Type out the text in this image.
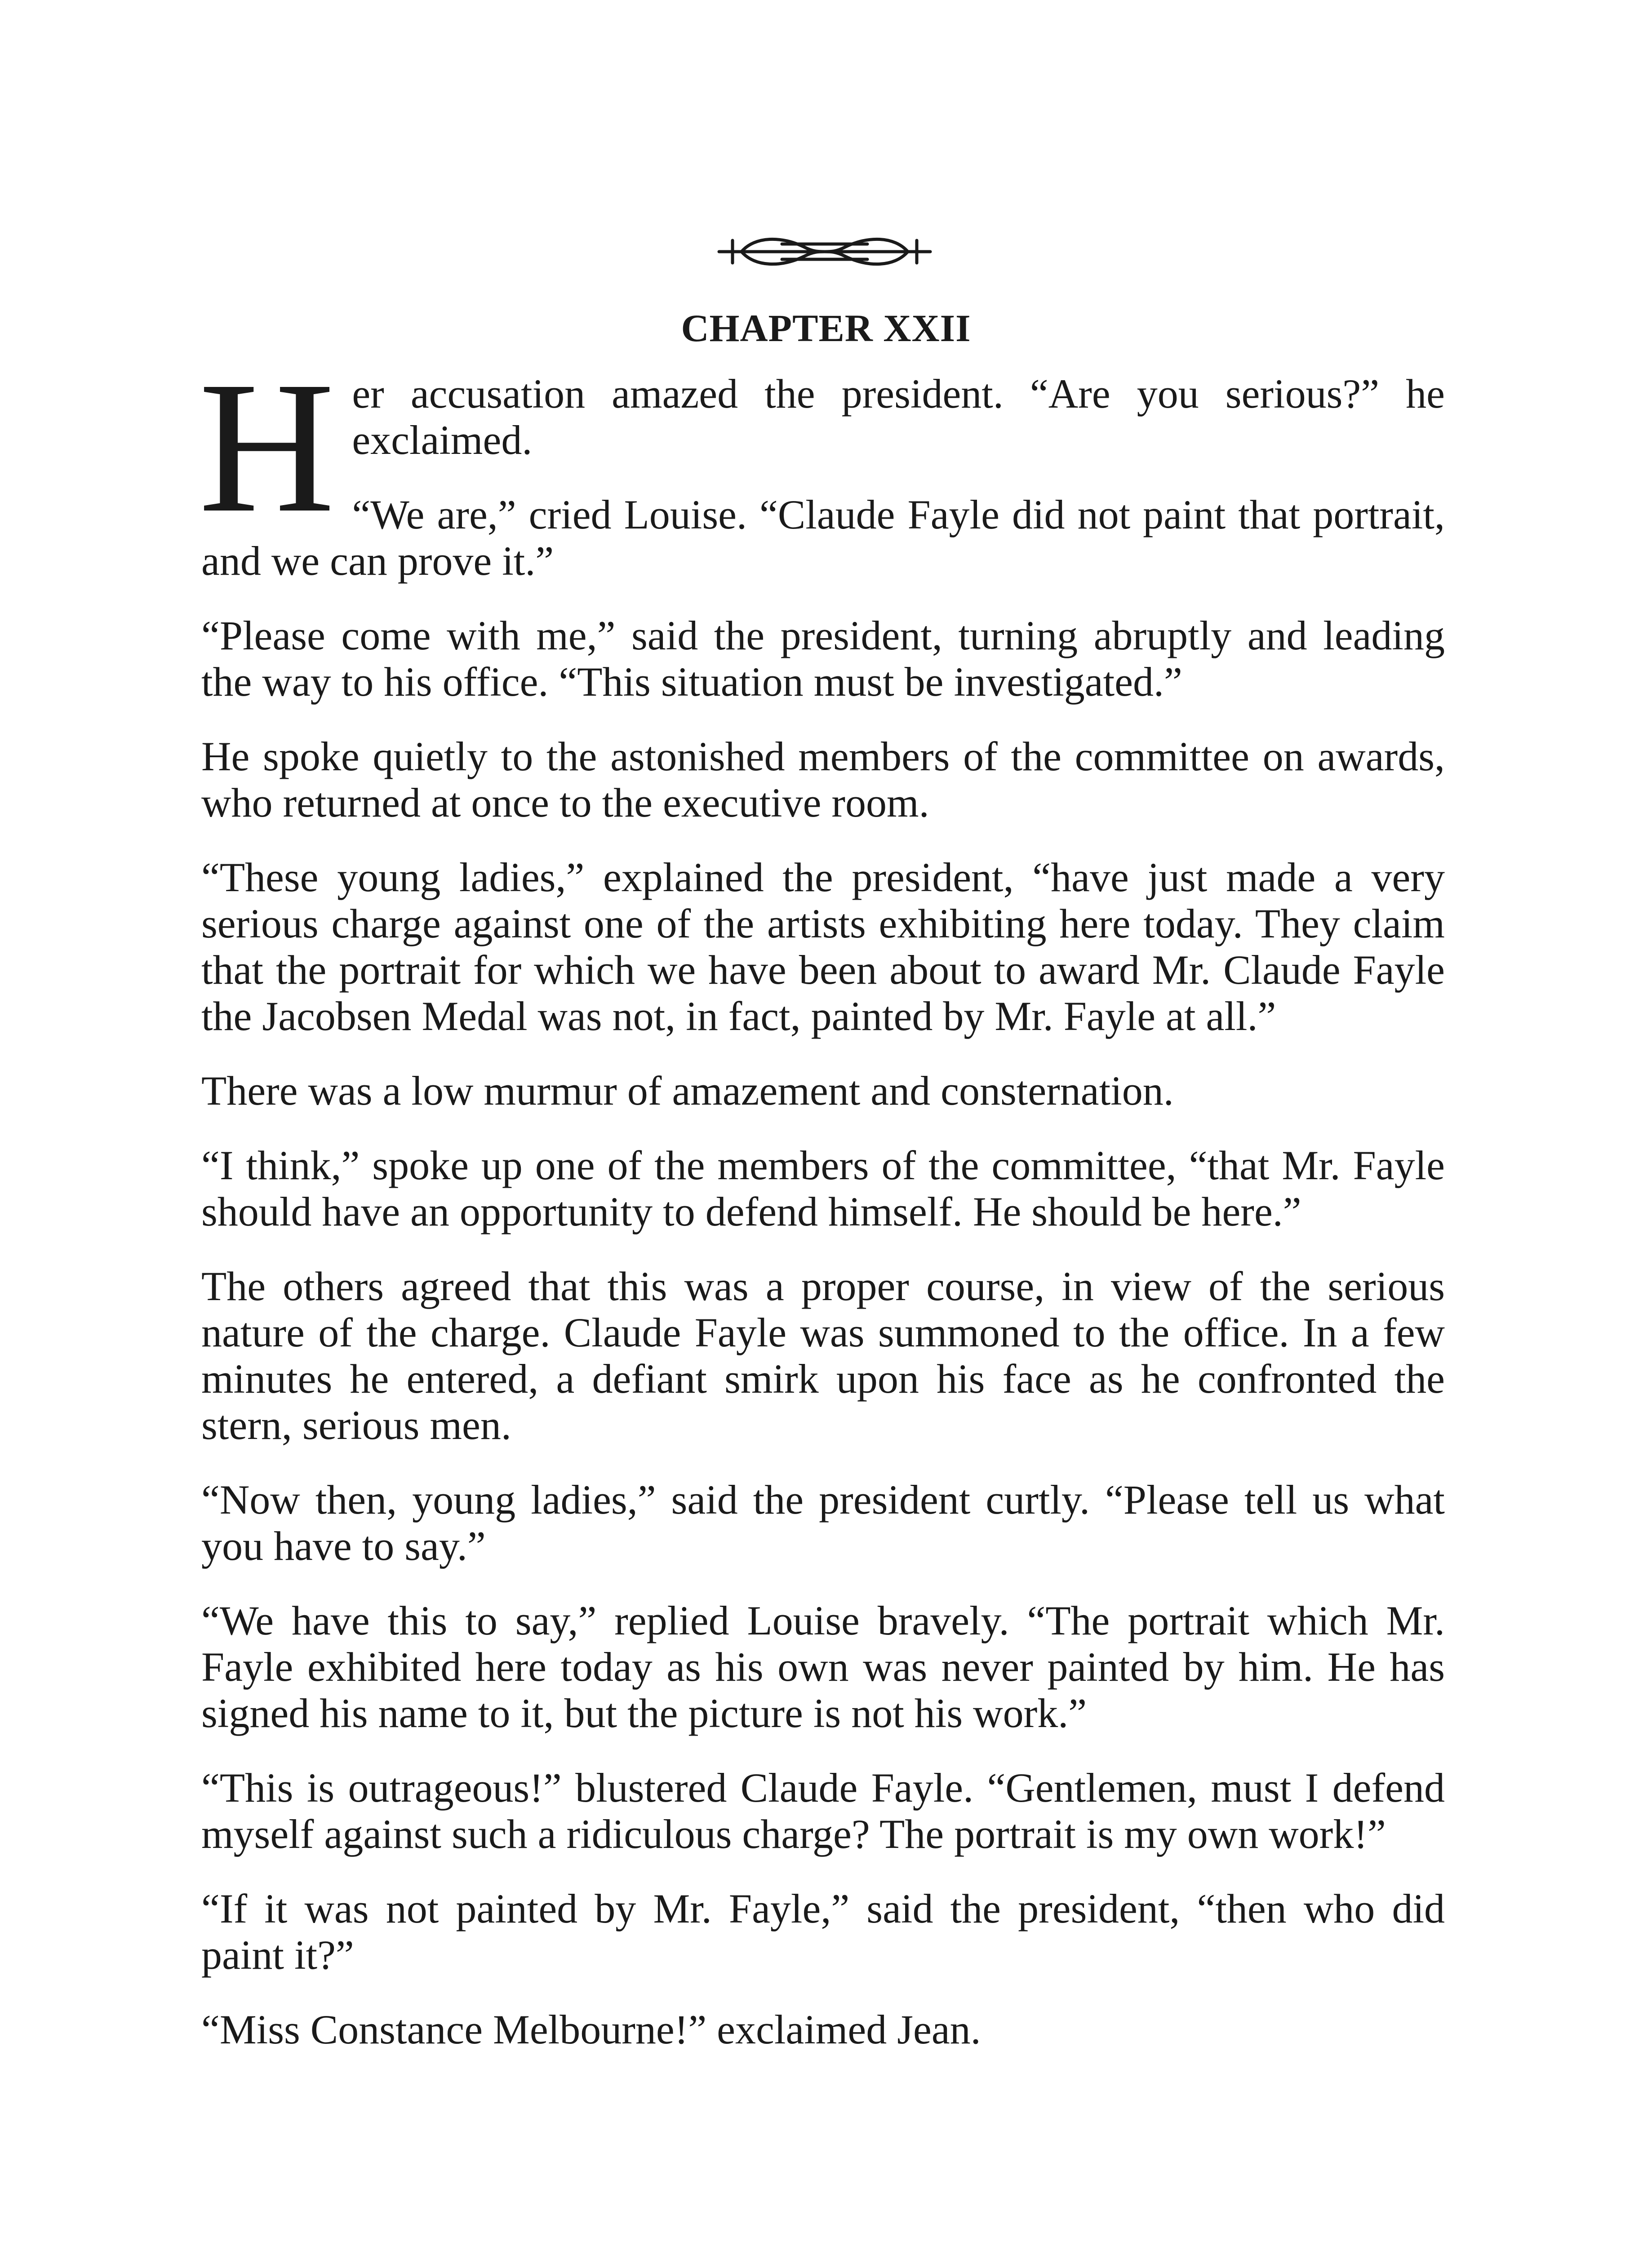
CHAPTER XXII

Her accusation amazed the president. “Are you serious?” he exclaimed.

“We are,” cried Louise. “Claude Fayle did not paint that portrait, and we can prove it.”

“Please come with me,” said the president, turning abruptly and leading the way to his office. “This situation must be investigated.”

He spoke quietly to the astonished members of the committee on awards, who returned at once to the executive room.

“These young ladies,” explained the president, “have just made a very serious charge against one of the artists exhibiting here today. They claim that the portrait for which we have been about to award Mr. Claude Fayle the Jacobsen Medal was not, in fact, painted by Mr. Fayle at all.”

There was a low murmur of amazement and consternation.

“I think,” spoke up one of the members of the committee, “that Mr. Fayle should have an opportunity to defend himself. He should be here.”

The others agreed that this was a proper course, in view of the serious nature of the charge. Claude Fayle was summoned to the office. In a few minutes he entered, a defiant smirk upon his face as he confronted the stern, serious men.

“Now then, young ladies,” said the president curtly. “Please tell us what you have to say.”

“We have this to say,” replied Louise bravely. “The portrait which Mr. Fayle exhibited here today as his own was never painted by him. He has signed his name to it, but the picture is not his work.”

“This is outrageous!” blustered Claude Fayle. “Gentlemen, must I defend myself against such a ridiculous charge? The portrait is my own work!”

“If it was not painted by Mr. Fayle,” said the president, “then who did paint it?”

“Miss Constance Melbourne!” exclaimed Jean.
